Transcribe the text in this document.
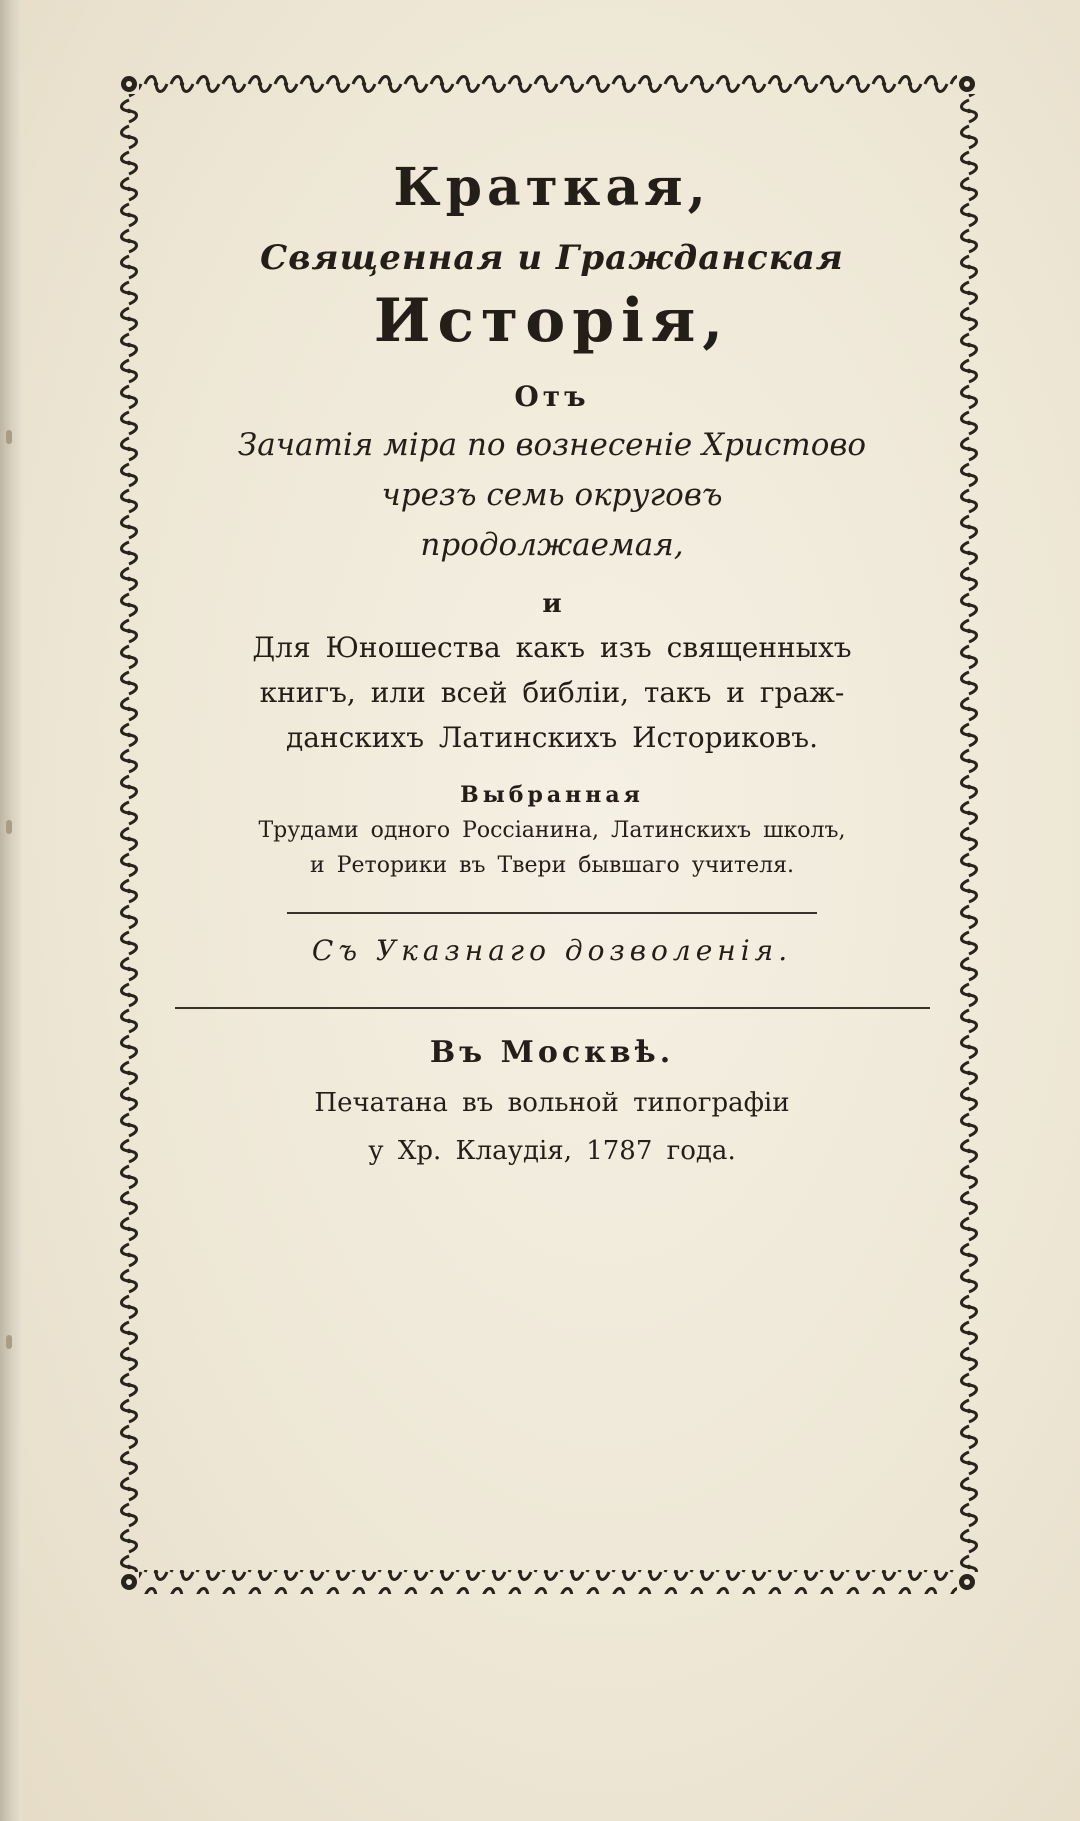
Краткая,
Священная и Гражданская
Исторія,
Отъ
Зачатія міра по вознесеніе Христово
чрезъ семь округовъ
продолжаемая,
и
Для Юношества какъ изъ священныхъ
книгъ, или всей библіи, такъ и граж-
данскихъ Латинскихъ Историковъ.
Выбранная
Трудами одного Россіанина, Латинскихъ школъ,
и Реторики въ Твери бывшаго учителя.
Съ Указнаго дозволенія.
Въ Москвѣ.
Печатана въ вольной типографіи
у Хр. Клаудія, 1787 года.
